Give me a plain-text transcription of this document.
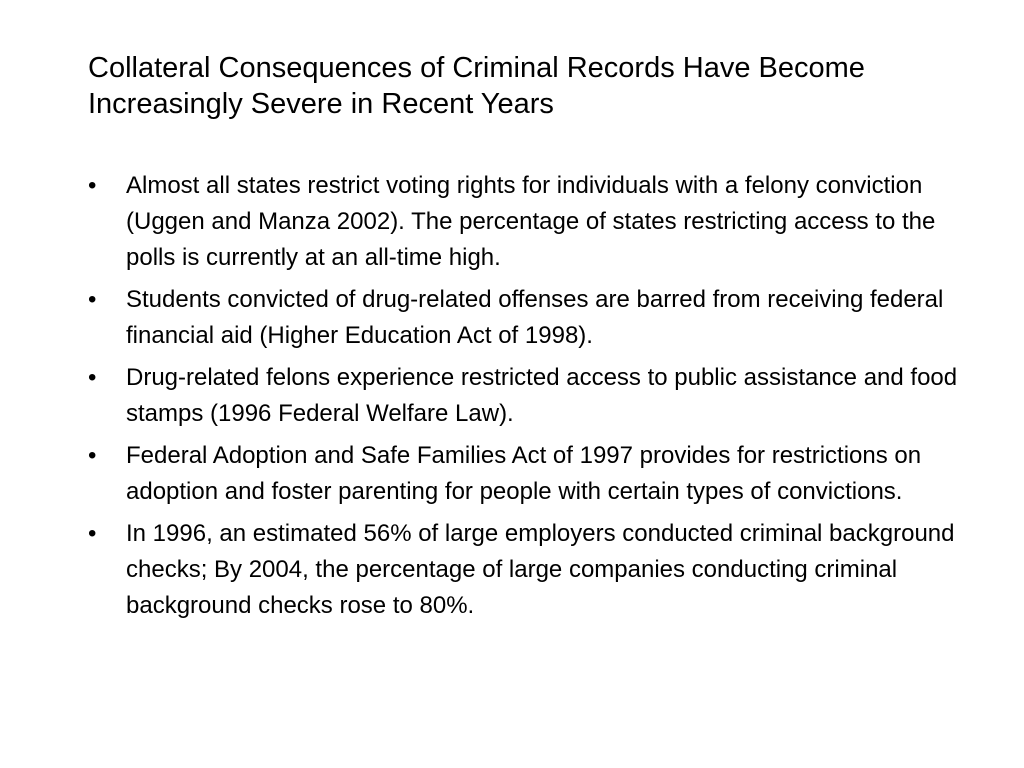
Collateral Consequences of Criminal Records Have Become Increasingly Severe in Recent Years
•	Almost all states restrict voting rights for individuals with a felony conviction (Uggen and Manza 2002). The percentage of states restricting access to the polls is currently at an all-time high.
•	Students convicted of drug-related offenses are barred from receiving federal financial aid (Higher Education Act of 1998).
•	Drug-related felons experience restricted access to public assistance and food stamps (1996 Federal Welfare Law).
•	Federal Adoption and Safe Families Act of 1997 provides for restrictions on adoption and foster parenting for people with certain types of convictions.
•	In 1996, an estimated 56% of large employers conducted criminal background checks; By 2004, the percentage of large companies conducting criminal background checks rose to 80%.
